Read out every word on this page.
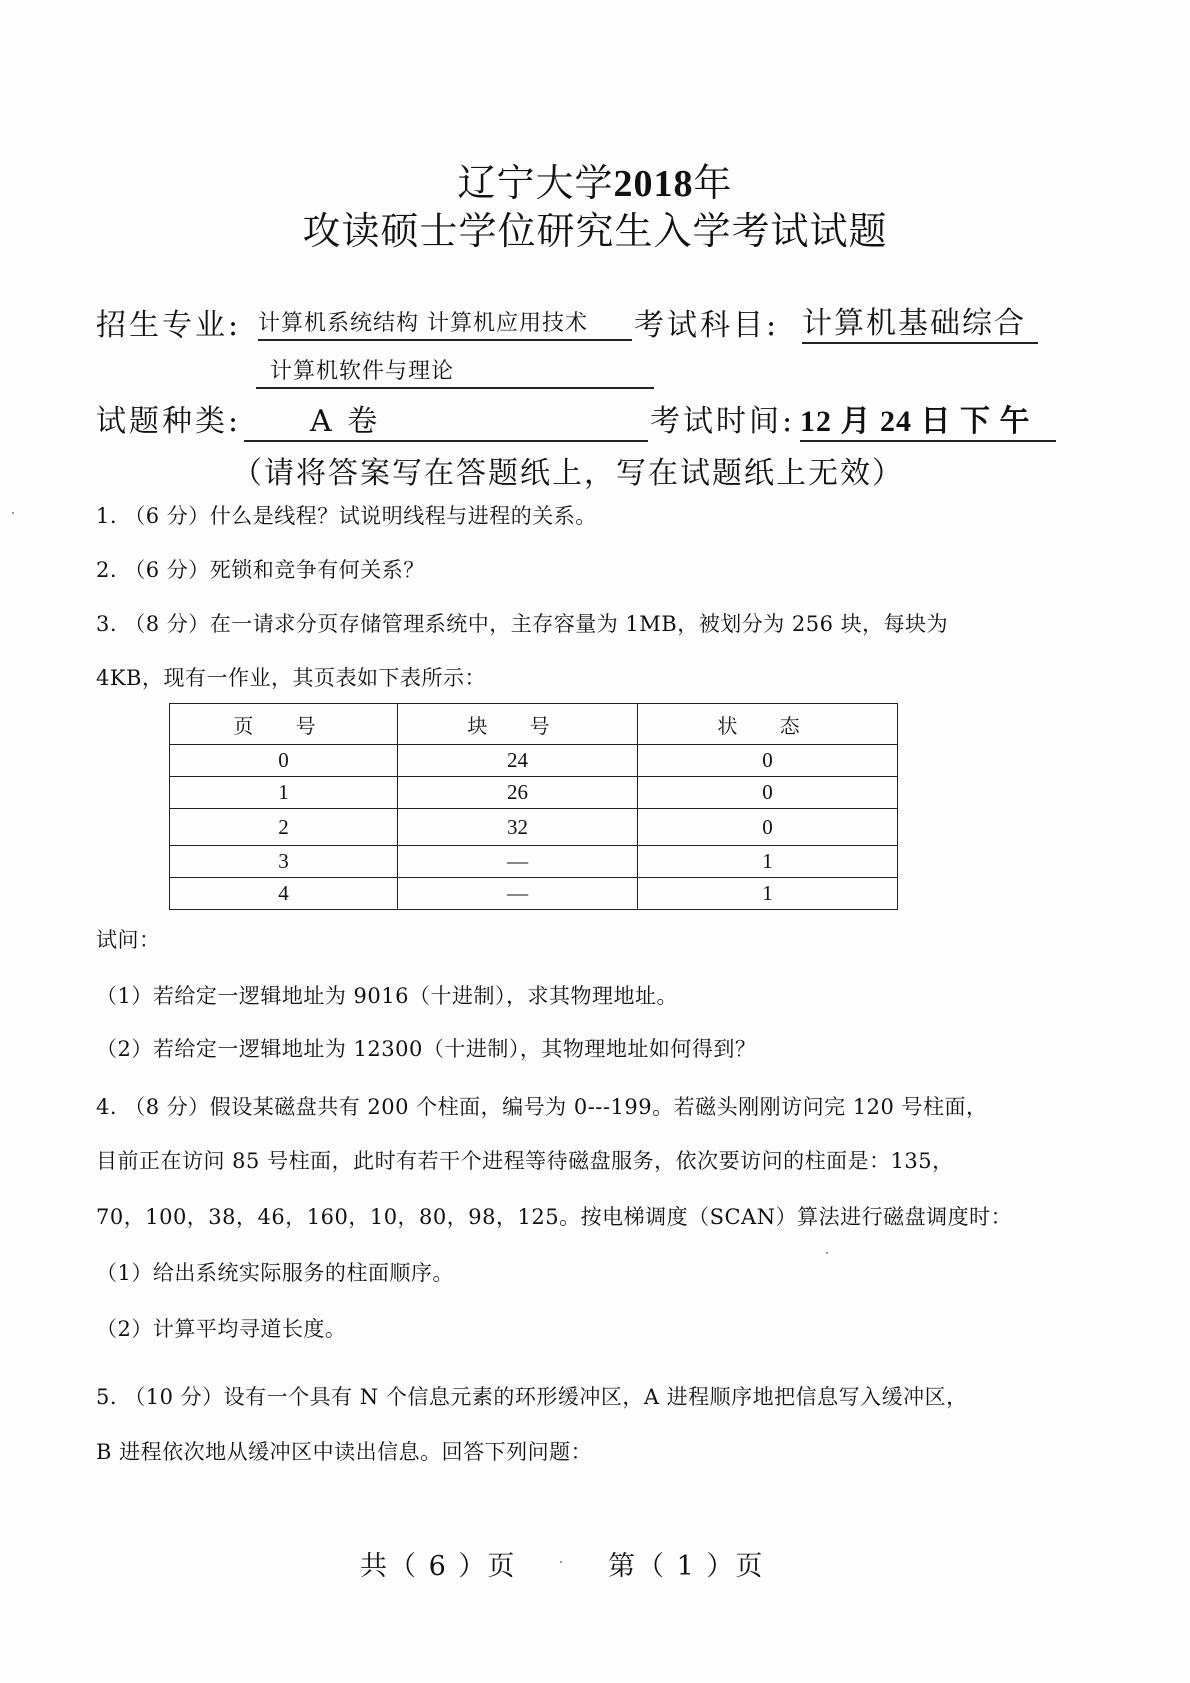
辽宁大学2018年
攻读硕士学位研究生入学考试试题
招生专业: 计算机系统结构 计算机应用技术	考试科目: 计算机基础综合
计算机软件与理论
试题种类:	A 卷	考试时间: 12 月 24 日 下 午
（请将答案写在答题纸上，写在试题纸上无效）
1. （6 分）什么是线程？试说明线程与进程的关系。
2. （6 分）死锁和竞争有何关系？
3. （8 分）在一请求分页存储管理系统中，主存容量为 1MB，被划分为 256 块，每块为
4KB，现有一作业，其页表如下表所示：
页 号	块 号	状 态
0	24	0
1	26	0
2	32	0
3	—	1
4	—	1
试问：
（1）若给定一逻辑地址为 9016（十进制），求其物理地址。
（2）若给定一逻辑地址为 12300（十进制），其物理地址如何得到？
4. （8 分）假设某磁盘共有 200 个柱面，编号为 0---199。若磁头刚刚访问完 120 号柱面，
目前正在访问 85 号柱面，此时有若干个进程等待磁盘服务，依次要访问的柱面是：135，
70，100，38，46，160，10，80，98，125。按电梯调度（SCAN）算法进行磁盘调度时：
（1）给出系统实际服务的柱面顺序。
（2）计算平均寻道长度。
5. （10 分）设有一个具有 N 个信息元素的环形缓冲区，A 进程顺序地把信息写入缓冲区，
B 进程依次地从缓冲区中读出信息。回答下列问题：
共（ 6 ）页	第（ 1 ）页
